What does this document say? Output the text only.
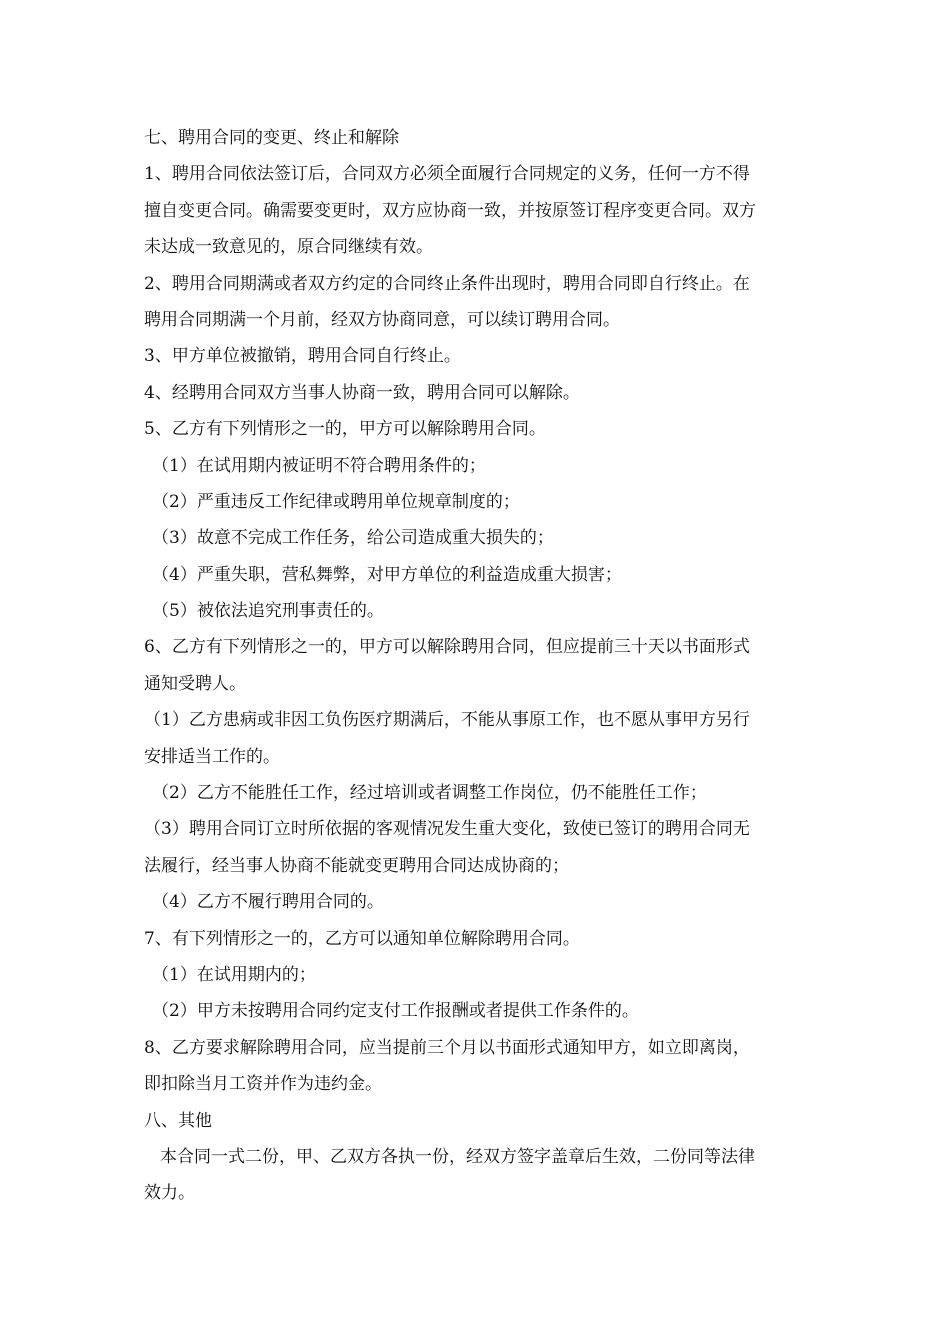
七、聘用合同的变更、终止和解除
1、聘用合同依法签订后，合同双方必须全面履行合同规定的义务，任何一方不得
擅自变更合同。确需要变更时，双方应协商一致，并按原签订程序变更合同。双方
未达成一致意见的，原合同继续有效。
2、聘用合同期满或者双方约定的合同终止条件出现时，聘用合同即自行终止。在
聘用合同期满一个月前，经双方协商同意，可以续订聘用合同。
3、甲方单位被撤销，聘用合同自行终止。
4、经聘用合同双方当事人协商一致，聘用合同可以解除。
5、乙方有下列情形之一的，甲方可以解除聘用合同。
（1）在试用期内被证明不符合聘用条件的；
（2）严重违反工作纪律或聘用单位规章制度的；
（3）故意不完成工作任务，给公司造成重大损失的；
（4）严重失职，营私舞弊，对甲方单位的利益造成重大损害；
（5）被依法追究刑事责任的。
6、乙方有下列情形之一的，甲方可以解除聘用合同，但应提前三十天以书面形式
通知受聘人。
（1）乙方患病或非因工负伤医疗期满后，不能从事原工作，也不愿从事甲方另行
安排适当工作的。
（2）乙方不能胜任工作，经过培训或者调整工作岗位，仍不能胜任工作；
（3）聘用合同订立时所依据的客观情况发生重大变化，致使已签订的聘用合同无
法履行，经当事人协商不能就变更聘用合同达成协商的；
（4）乙方不履行聘用合同的。
7、有下列情形之一的，乙方可以通知单位解除聘用合同。
（1）在试用期内的；
（2）甲方未按聘用合同约定支付工作报酬或者提供工作条件的。
8、乙方要求解除聘用合同，应当提前三个月以书面形式通知甲方，如立即离岗，
即扣除当月工资并作为违约金。
八、其他
本合同一式二份，甲、乙双方各执一份，经双方签字盖章后生效，二份同等法律
效力。
